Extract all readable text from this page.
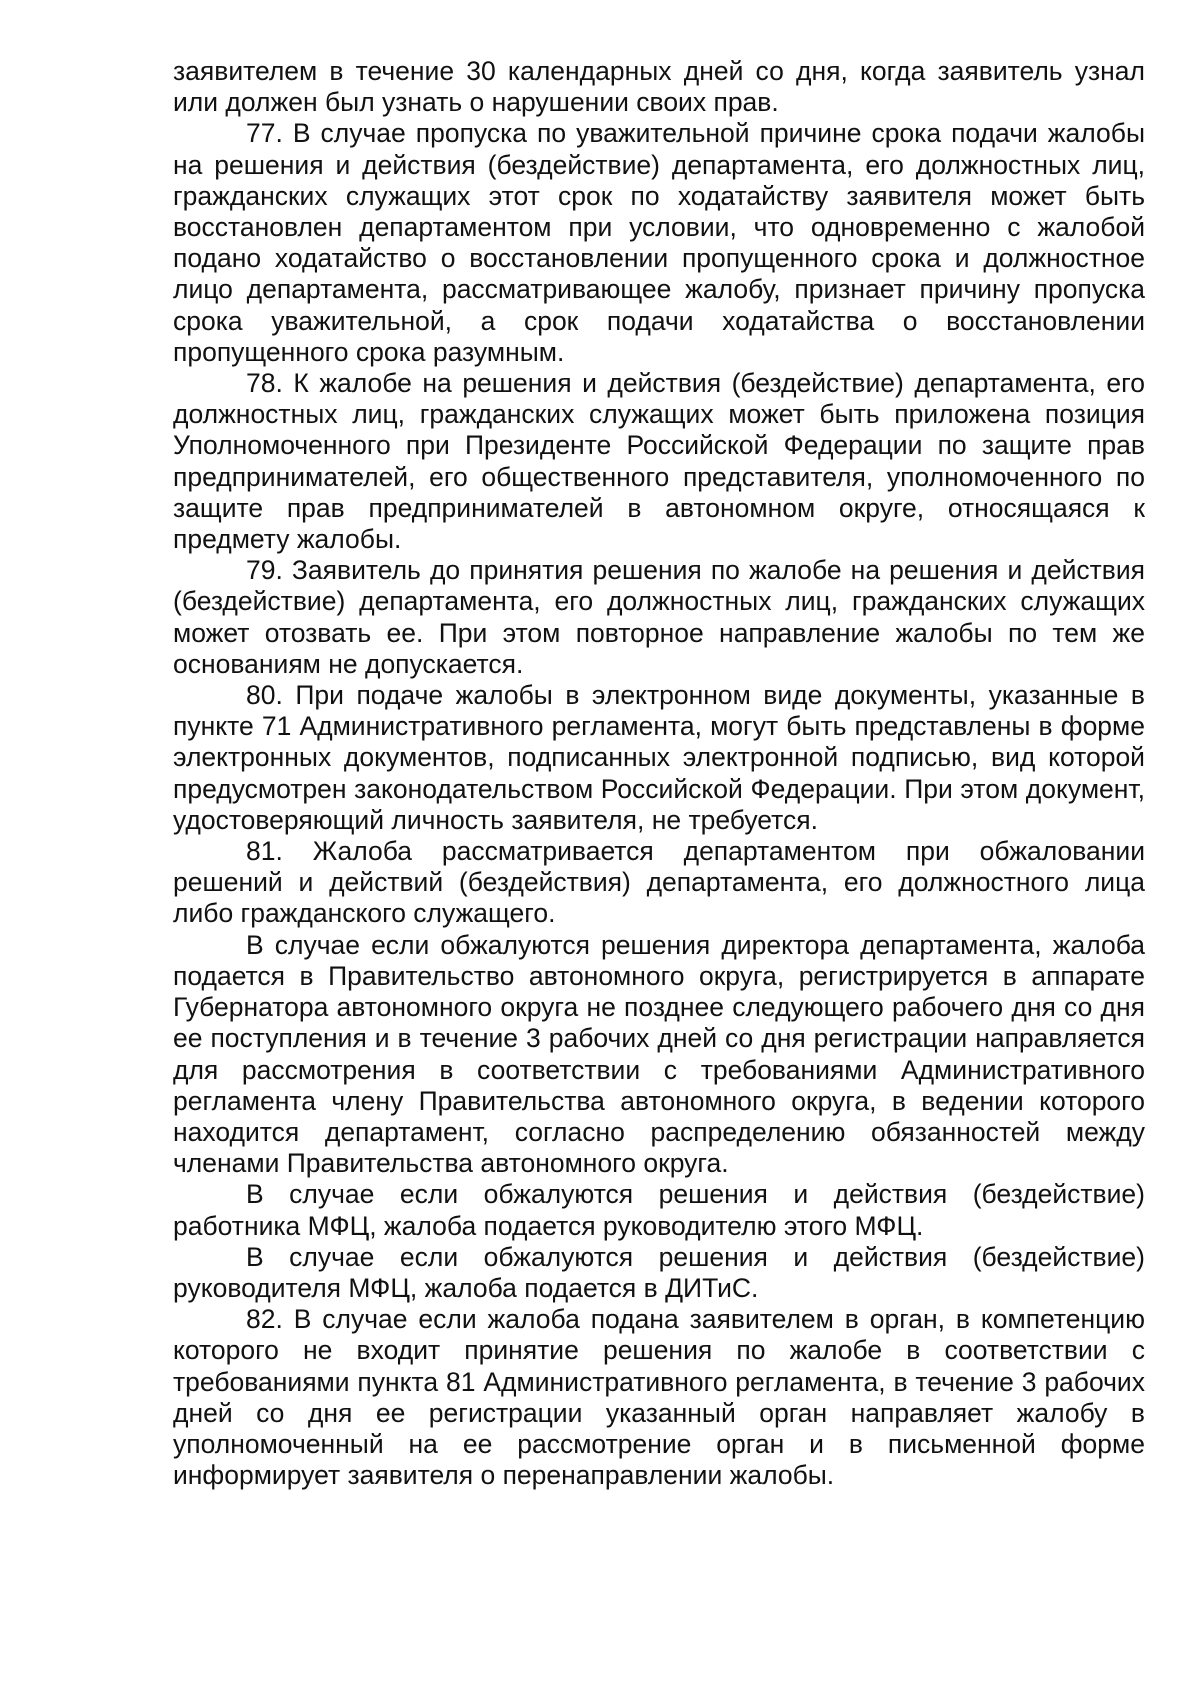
заявителем в течение 30 календарных дней со дня, когда заявитель узнал или должен был узнать о нарушении своих прав.

77. В случае пропуска по уважительной причине срока подачи жалобы на решения и действия (бездействие) департамента, его должностных лиц, гражданских служащих этот срок по ходатайству заявителя может быть восстановлен департаментом при условии, что одновременно с жалобой подано ходатайство о восстановлении пропущенного срока и должностное лицо департамента, рассматривающее жалобу, признает причину пропуска срока уважительной, а срок подачи ходатайства о восстановлении пропущенного срока разумным.

78. К жалобе на решения и действия (бездействие) департамента, его должностных лиц, гражданских служащих может быть приложена позиция Уполномоченного при Президенте Российской Федерации по защите прав предпринимателей, его общественного представителя, уполномоченного по защите прав предпринимателей в автономном округе, относящаяся к предмету жалобы.

79. Заявитель до принятия решения по жалобе на решения и действия (бездействие) департамента, его должностных лиц, гражданских служащих может отозвать ее. При этом повторное направление жалобы по тем же основаниям не допускается.

80. При подаче жалобы в электронном виде документы, указанные в пункте 71 Административного регламента, могут быть представлены в форме электронных документов, подписанных электронной подписью, вид которой предусмотрен законодательством Российской Федерации. При этом документ, удостоверяющий личность заявителя, не требуется.

81. Жалоба рассматривается департаментом при обжаловании решений и действий (бездействия) департамента, его должностного лица либо гражданского служащего.

В случае если обжалуются решения директора департамента, жалоба подается в Правительство автономного округа, регистрируется в аппарате Губернатора автономного округа не позднее следующего рабочего дня со дня ее поступления и в течение 3 рабочих дней со дня регистрации направляется для рассмотрения в соответствии с требованиями Административного регламента члену Правительства автономного округа, в ведении которого находится департамент, согласно распределению обязанностей между членами Правительства автономного округа.

В случае если обжалуются решения и действия (бездействие) работника МФЦ, жалоба подается руководителю этого МФЦ.

В случае если обжалуются решения и действия (бездействие) руководителя МФЦ, жалоба подается в ДИТиС.

82. В случае если жалоба подана заявителем в орган, в компетенцию которого не входит принятие решения по жалобе в соответствии с требованиями пункта 81 Административного регламента, в течение 3 рабочих дней со дня ее регистрации указанный орган направляет жалобу в уполномоченный на ее рассмотрение орган и в письменной форме информирует заявителя о перенаправлении жалобы.
